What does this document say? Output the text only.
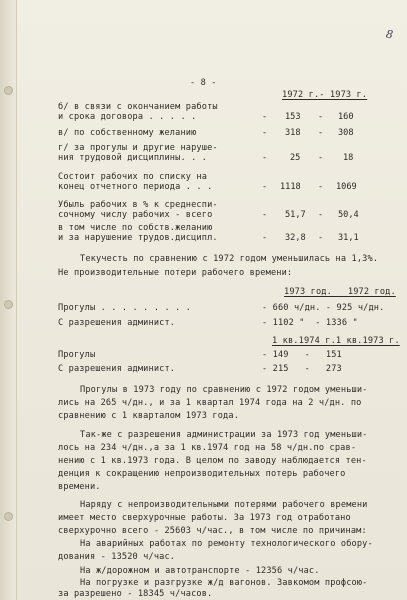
8
- 8 -
1972 г.- 1973 г.
б/ в связи с окончанием работы
и срока договора . . . . .	- 153 - 160
в/ по собственному желанию	- 318 - 308
г/ за прогулы и другие наруше-
ния трудовой дисциплины. . .	-	25 - 18
Состоит рабочих по списку на
конец отчетного периода . . .	- 1118 - 1069
Убыль рабочих в % к среднеспи-
сочному числу рабочих - всего	- 51,7 - 50,4
в том числе по собств.желанию
и за нарушение трудов.дисципл.	- 32,8 - 31,1
Текучесть по сравнению с 1972 годом уменьшилась на 1,3%.
Не производительные потери рабочего времени:
1973 год.   1972 год.
Прогулы . . . . . . . . .	- 660 ч/дн. - 925 ч/дн.
С разрешения админист.	- 1102 "  - 1336 "
1 кв.1974 г.1 кв.1973 г.
Прогулы	- 149   -   151
С разрешения админист.	- 215   -   273
Прогулы в 1973 году по сравнению с 1972 годом уменьши-
лись на 265 ч/дн., и за 1 квартал 1974 года на 2 ч/дн. по
сравнению с 1 кварталом 1973 года.
Так-же с разрешения администрации за 1973 год уменьши-
лось на 234 ч/дн.,а за 1 кв.1974 год на 58 ч/дн.по срав-
нению с 1 кв.1973 года. В целом по заводу наблюдается тен-
денция к сокращению непроизводительных потерь рабочего
времени.
Наряду с непроизводительными потерями рабочего времени
имеет место сверхурочные работы. За 1973 год отработано
сверхурочно всего - 25603 ч/час., в том числе по причинам:
На аварийных работах по ремонту технологического обору-
дования - 13520 ч/час.
На ж/дорожном и автотранспорте - 12356 ч/час.
На погрузке и разгрузке ж/д вагонов. Завкомом профсою-
за разрешено - 18345 ч/часов.
